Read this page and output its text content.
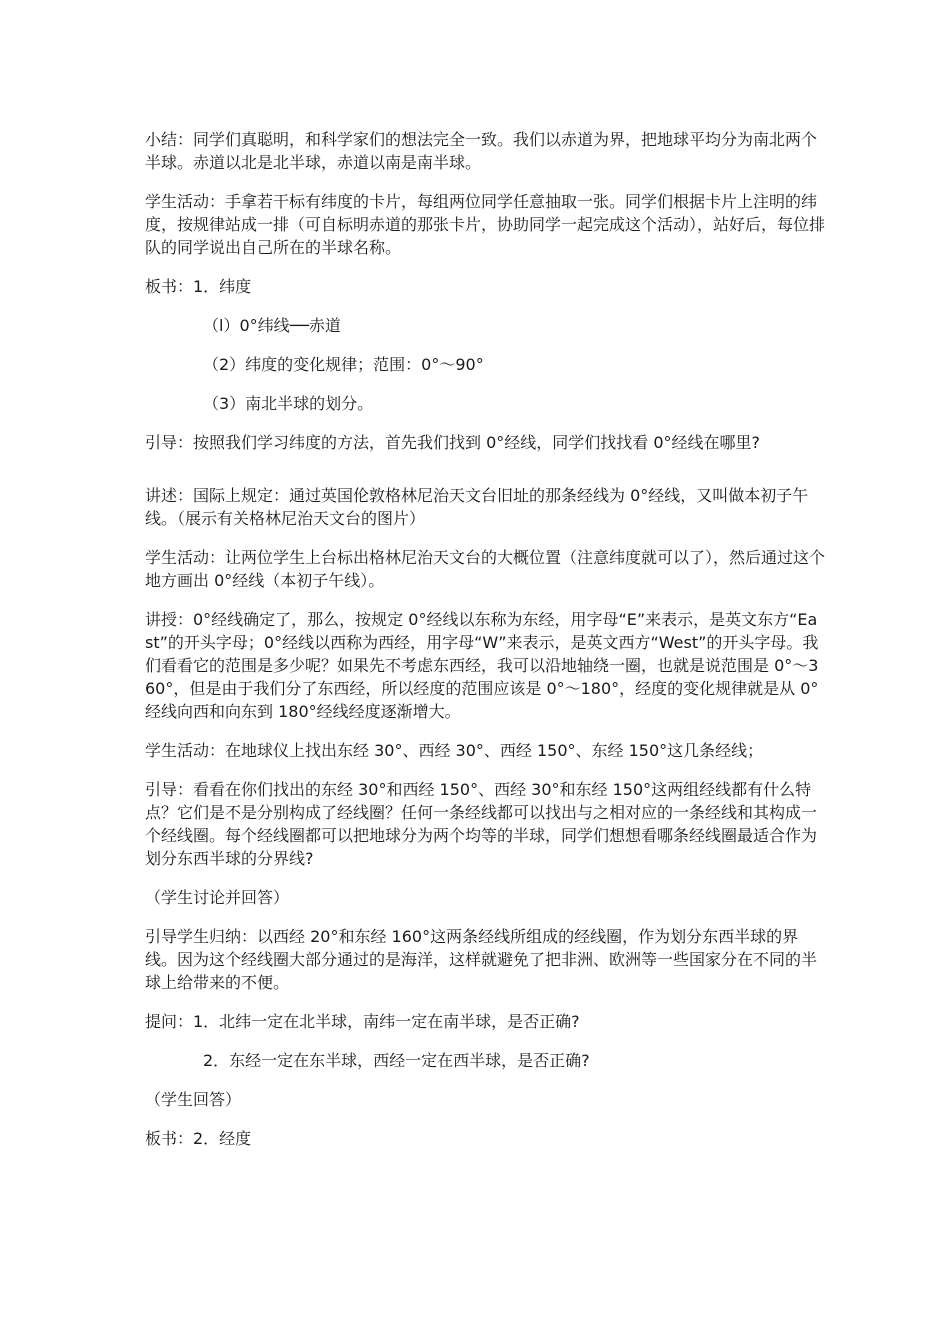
小结：同学们真聪明，和科学家们的想法完全一致。我们以赤道为界，把地球平均分为南北两个半球。赤道以北是北半球，赤道以南是南半球。

学生活动：手拿若干标有纬度的卡片，每组两位同学任意抽取一张。同学们根据卡片上注明的纬度，按规律站成一排（可自标明赤道的那张卡片，协助同学一起完成这个活动），站好后，每位排队的同学说出自己所在的半球名称。

板书：1．纬度

（l）0°纬线──赤道

（2）纬度的变化规律；范围：0°～90°

（3）南北半球的划分。

引导：按照我们学习纬度的方法，首先我们找到 0°经线，同学们找找看 0°经线在哪里?

讲述：国际上规定：通过英国伦敦格林尼治天文台旧址的那条经线为 0°经线，又叫做本初子午线。（展示有关格林尼治天文台的图片）

学生活动：让两位学生上台标出格林尼治天文台的大概位置（注意纬度就可以了），然后通过这个地方画出 0°经线（本初子午线）。

讲授：0°经线确定了，那么，按规定 0°经线以东称为东经，用字母“E”来表示，是英文东方“East”的开头字母；0°经线以西称为西经，用字母“W”来表示，是英文西方“West”的开头字母。我们看看它的范围是多少呢？如果先不考虑东西经，我可以沿地轴绕一圈，也就是说范围是 0°～360°，但是由于我们分了东西经，所以经度的范围应该是 0°～180°，经度的变化规律就是从 0°经线向西和向东到 180°经线经度逐渐增大。

学生活动：在地球仪上找出东经 30°、西经 30°、西经 150°、东经 150°这几条经线；

引导：看看在你们找出的东经 30°和西经 150°、西经 30°和东经 150°这两组经线都有什么特点？它们是不是分别构成了经线圈？任何一条经线都可以找出与之相对应的一条经线和其构成一个经线圈。每个经线圈都可以把地球分为两个均等的半球，同学们想想看哪条经线圈最适合作为划分东西半球的分界线?

（学生讨论并回答）

引导学生归纳：以西经 20°和东经 160°这两条经线所组成的经线圈，作为划分东西半球的界线。因为这个经线圈大部分通过的是海洋，这样就避免了把非洲、欧洲等一些国家分在不同的半球上给带来的不便。

提问：1．北纬一定在北半球，南纬一定在南半球，是否正确?

2．东经一定在东半球，西经一定在西半球，是否正确?

（学生回答）

板书：2．经度
